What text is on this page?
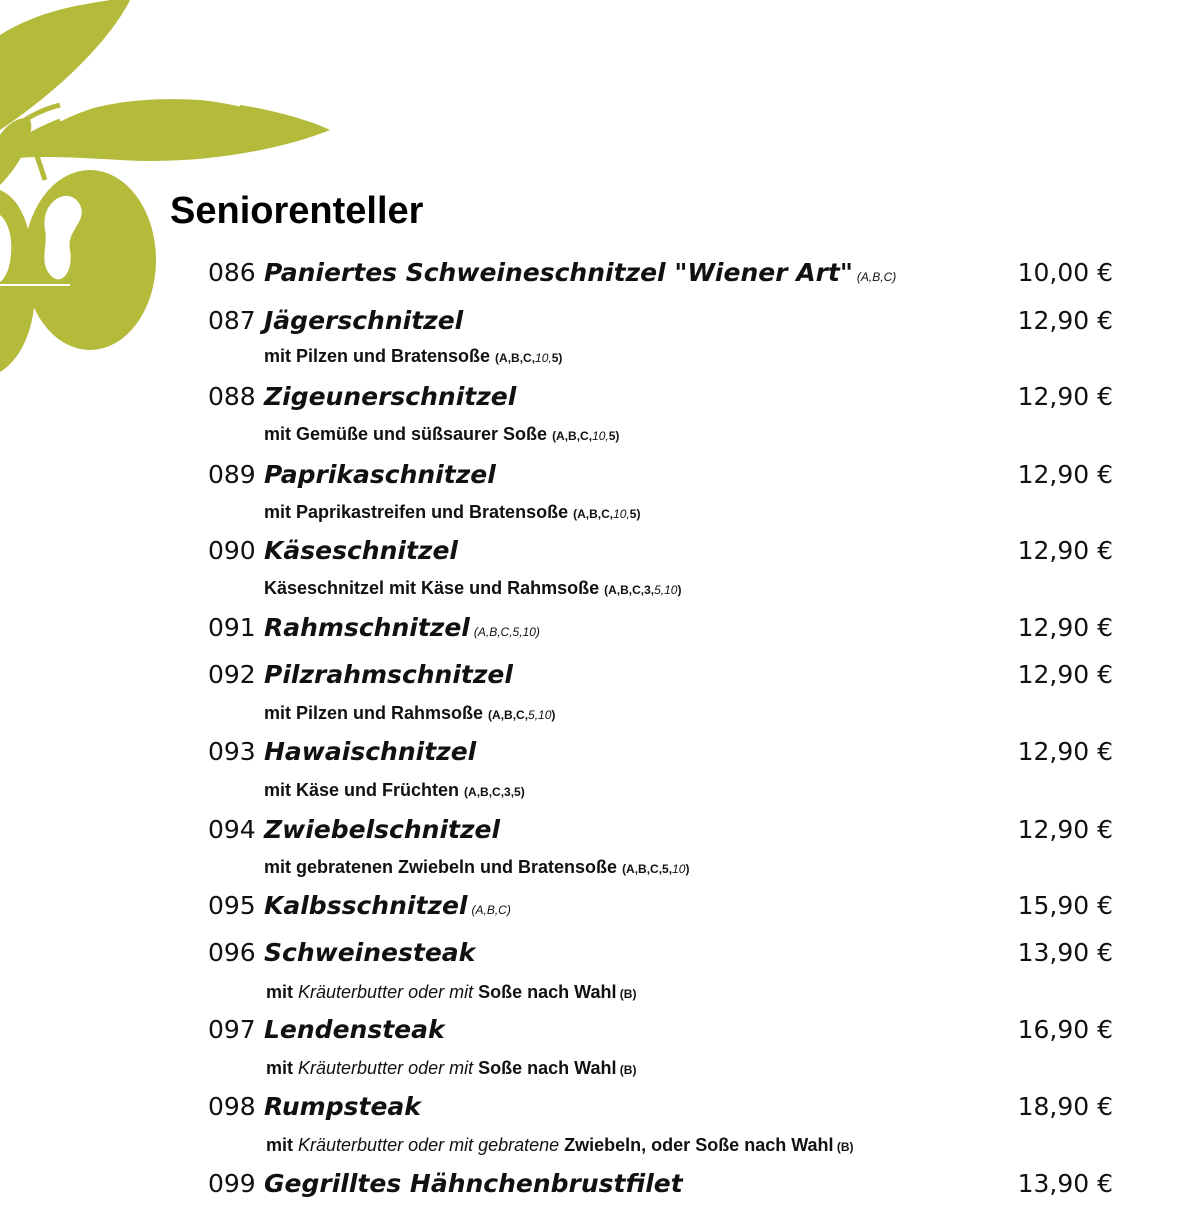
Seniorenteller
086 Paniertes Schweineschnitzel "Wiener Art" (A,B,C)	10,00 €
087 Jägerschnitzel	12,90 €
mit Pilzen und Bratensoße (A,B,C,10,5)
088 Zigeunerschnitzel	12,90 €
mit Gemüße und süßsaurer Soße (A,B,C,10,5)
089 Paprikaschnitzel	12,90 €
mit Paprikastreifen und Bratensoße (A,B,C,10,5)
090 Käseschnitzel	12,90 €
Käseschnitzel mit Käse und Rahmsoße (A,B,C,3,5,10)
091 Rahmschnitzel (A,B,C,5,10)	12,90 €
092 Pilzrahmschnitzel	12,90 €
mit Pilzen und Rahmsoße (A,B,C,5,10)
093 Hawaischnitzel	12,90 €
mit Käse und Früchten (A,B,C,3,5)
094 Zwiebelschnitzel	12,90 €
mit gebratenen Zwiebeln und Bratensoße (A,B,C,5,10)
095 Kalbsschnitzel (A,B,C)	15,90 €
096 Schweinesteak	13,90 €
mit Kräuterbutter oder mit Soße nach Wahl (B)
097 Lendensteak	16,90 €
mit Kräuterbutter oder mit Soße nach Wahl (B)
098 Rumpsteak	18,90 €
mit Kräuterbutter oder mit gebratene Zwiebeln, oder Soße nach Wahl (B)
099 Gegrilltes Hähnchenbrustfilet	13,90 €
